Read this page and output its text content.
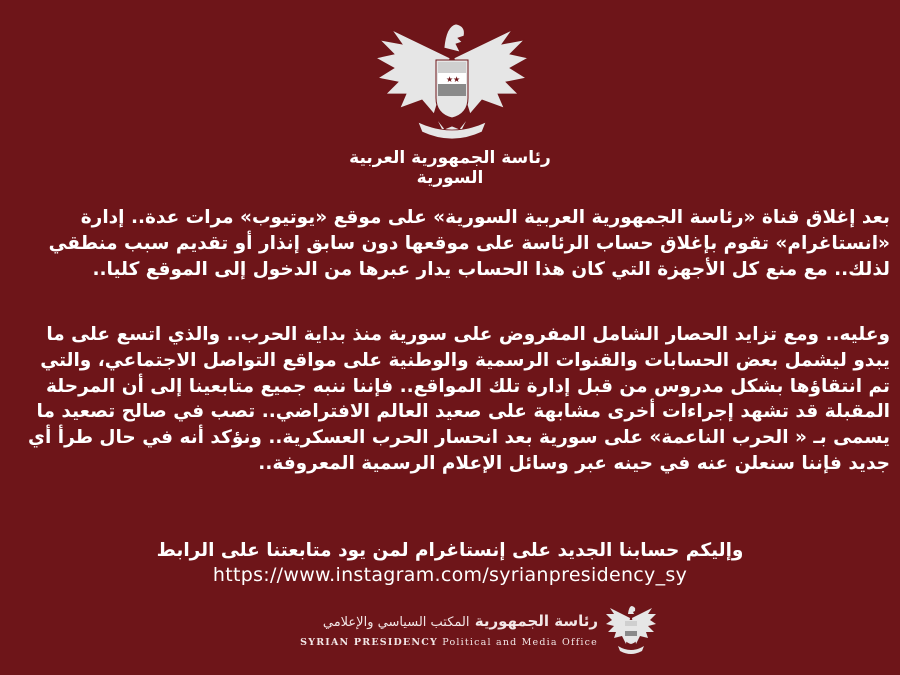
★ ★
رئاسة الجمهورية العربية السورية
بعد إغلاق قناة «رئاسة الجمهورية العربية السورية» على موقع «يوتيوب» مرات عدة.. إدارة «انستاغرام» تقوم بإغلاق حساب الرئاسة على موقعها دون سابق إنذار أو تقديم سبب منطقي لذلك.. مع منع كل الأجهزة التي كان هذا الحساب يدار عبرها من الدخول إلى الموقع كليا..
وعليه.. ومع تزايد الحصار الشامل المفروض على سورية منذ بداية الحرب.. والذي اتسع على ما يبدو ليشمل بعض الحسابات والقنوات الرسمية والوطنية على مواقع التواصل الاجتماعي، والتي تم انتقاؤها بشكل مدروس من قبل إدارة تلك المواقع.. فإننا ننبه جميع متابعينا إلى أن المرحلة المقبلة قد تشهد إجراءات أخرى مشابهة على صعيد العالم الافتراضي.. تصب في صالح تصعيد ما يسمى بـ « الحرب الناعمة» على سورية بعد انحسار الحرب العسكرية.. ونؤكد أنه في حال طرأ أي جديد فإننا سنعلن عنه في حينه عبر وسائل الإعلام الرسمية المعروفة..
وإليكم حسابنا الجديد على إنستاغرام لمن يود متابعتنا على الرابط
https://www.instagram.com/syrianpresidency_sy
رئاسة الجمهورية المكتب السياسي والإعلامي
SYRIAN PRESIDENCY Political and Media Office
